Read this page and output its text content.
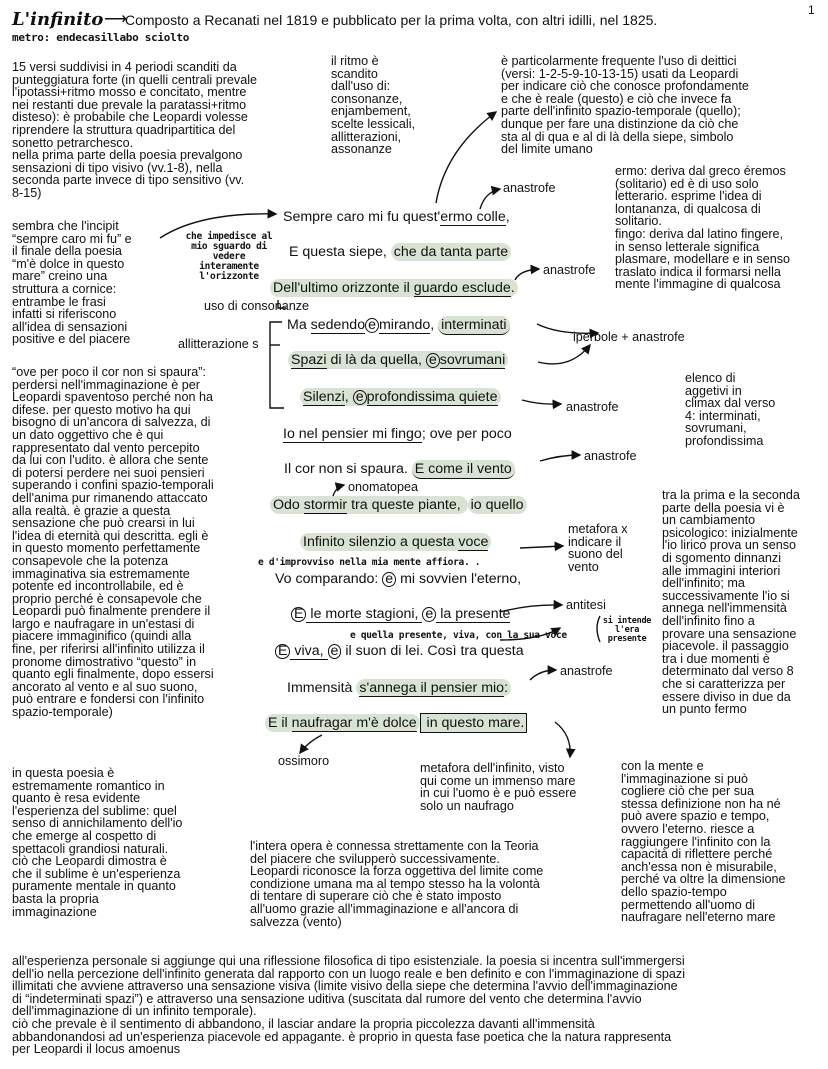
L'infinito ⟶
Composto a Recanati nel 1819 e pubblicato per la prima volta, con altri idilli, nel 1825.
metro: endecasillabo sciolto
1
15 versi suddivisi in 4 periodi scanditi da
punteggiatura forte (in quelli centrali prevale
l'ipotassi+ritmo mosso e concitato, mentre
nei restanti due prevale la paratassi+ritmo
disteso): è probabile che Leopardi volesse
riprendere la struttura quadripartitica del
sonetto petrarchesco.
nella prima parte della poesia prevalgono
sensazioni di tipo visivo (vv.1-8), nella
seconda parte invece di tipo sensitivo (vv.
8-15)
il ritmo è
scandito
dall'uso di:
consonanze,
enjambement,
scelte lessicali,
allitterazioni,
assonanze
è particolarmente frequente l'uso di deittici
(versi: 1-2-5-9-10-13-15) usati da Leopardi
per indicare ciò che conosce profondamente
e che è reale (questo) e ciò che invece fa
parte dell'infinito spazio-temporale (quello);
dunque per fare una distinzione da ciò che
sta al di qua e al di là della siepe, simbolo
del limite umano
ermo: deriva dal greco éremos
(solitario) ed è di uso solo
letterario. esprime l'idea di
lontananza, di qualcosa di
solitario.
fingo: deriva dal latino fingere,
in senso letterale significa
plasmare, modellare e in senso
traslato indica il formarsi nella
mente l'immagine di qualcosa
sembra che l'incipit
“sempre caro mi fu” e
il finale della poesia
“m'è dolce in questo
mare” creino una
struttura a cornice:
entrambe le frasi
infatti si riferiscono
all'idea di sensazioni
positive e del piacere
“ove per poco il cor non si spaura”:
perdersi nell'immaginazione è per
Leopardi spaventoso perché non ha
difese. per questo motivo ha qui
bisogno di un'ancora di salvezza, di
un dato oggettivo che è qui
rappresentato dal vento percepito
da lui con l'udito. è allora che sente
di potersi perdere nei suoi pensieri
superando i confini spazio-temporali
dell'anima pur rimanendo attaccato
alla realtà. è grazie a questa
sensazione che può crearsi in lui
l'idea di eternità qui descritta. egli è
in questo momento perfettamente
consapevole che la potenza
immaginativa sia estremamente
potente ed incontrollabile, ed è
proprio perché è consapevole che
Leopardi può finalmente prendere il
largo e naufragare in un'estasi di
piacere immaginifico (quindi alla
fine, per riferirsi all'infinito utilizza il
pronome dimostrativo “questo” in
quanto egli finalmente, dopo essersi
ancorato al vento e al suo suono,
può entrare e fondersi con l'infinito
spazio-temporale)
elenco di
aggetivi in
climax dal verso
4: interminati,
sovrumani,
profondissima
tra la prima e la seconda
parte della poesia vi è
un cambiamento
psicologico: inizialmente
l'io lirico prova un senso
di sgomento dinnanzi
alle immagini interiori
dell'infinito; ma
successivamente l'io si
annega nell'immensità
dell'infinito fino a
provare una sensazione
piacevole. il passaggio
tra i due momenti è
determinato dal verso 8
che si caratterizza per
essere diviso in due da
un punto fermo
in questa poesia è
estremamente romantico in
quanto è resa evidente
l'esperienza del sublime: quel
senso di annichilamento dell'io
che emerge al cospetto di
spettacoli grandiosi naturali.
ciò che Leopardi dimostra è
che il sublime è un'esperienza
puramente mentale in quanto
basta la propria
immaginazione
metafora dell'infinito, visto
qui come un immenso mare
in cui l'uomo è e può essere
solo un naufrago
con la mente e
l'immaginazione si può
cogliere ciò che per sua
stessa definizione non ha né
può avere spazio e tempo,
ovvero l'eterno. riesce a
raggiungere l'infinito con la
capacità di riflettere perché
anch'essa non è misurabile,
perché va oltre la dimensione
dello spazio-tempo
permettendo all'uomo di
naufragare nell'eterno mare
l'intera opera è connessa strettamente con la Teoria
del piacere che svilupperò successivamente.
Leopardi riconosce la forza oggettiva del limite come
condizione umana ma al tempo stesso ha la volontà
di tentare di superare ciò che è stato imposto
all'uomo grazie all'immaginazione e all'ancora di
salvezza (vento)
all'esperienza personale si aggiunge qui una riflessione filosofica di tipo esistenziale. la poesia si incentra sull'immergersi
dell'io nella percezione dell'infinito generata dal rapporto con un luogo reale e ben definito e con l'immaginazione di spazi
illimitati che avviene attraverso una sensazione visiva (limite visivo della siepe che determina l'avvio dell'immaginazione
di “indeterminati spazi”) e attraverso una sensazione uditiva (suscitata dal rumore del vento che determina l'avvio
dell'immaginazione di un infinito temporale).
ciò che prevale è il sentimento di abbandono, il lasciar andare la propria piccolezza davanti all'immensità
abbandonandosi ad un'esperienza piacevole ed appagante. è proprio in questa fase poetica che la natura rappresenta
per Leopardi il locus amoenus
che impedisce al
mio sguardo di
vedere
interamente
l'orizzonte
e d'improvviso nella mia mente affiora. .
e quella presente, viva, con la sua voce
si intende
l'era
presente
Sempre caro mi fu quest'ermo colle,
E questa siepe, che da tanta parte
Dell'ultimo orizzonte il guardo esclude.
Ma sedendo e mirando, interminati
Spazi di là da quella, e sovrumani
Silenzi, e profondissima quiete
Io nel pensier mi fingo; ove per poco
Il cor non si spaura. E come il vento
Odo stormir tra queste piante, io quello
Infinito silenzio a questa voce
Vo comparando: e mi sovvien l'eterno,
E le morte stagioni, e la presente
E viva, e il suon di lei. Così tra questa
Immensità s'annega il pensier mio:
E il naufragar m'è dolce in questo mare.
anastrofe
anastrofe
uso di consonanze
allitterazione s	iperbole + anastrofe
anastrofe
anastrofe
onomatopea
metafora x
indicare il
suono del
vento
antitesi
anastrofe
ossimoro
